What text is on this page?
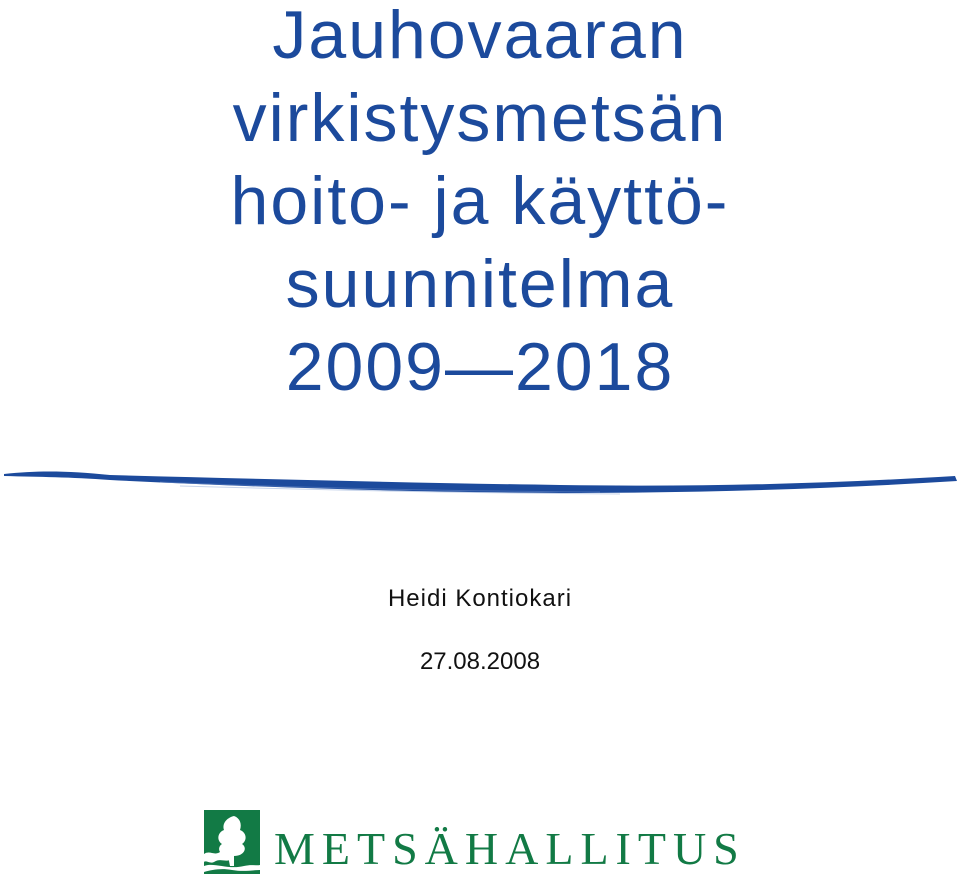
Jauhovaaran
virkistysmetsän
hoito- ja käyttö-
suunnitelma
2009—2018
Heidi Kontiokari
27.08.2008
METSÄHALLITUS
